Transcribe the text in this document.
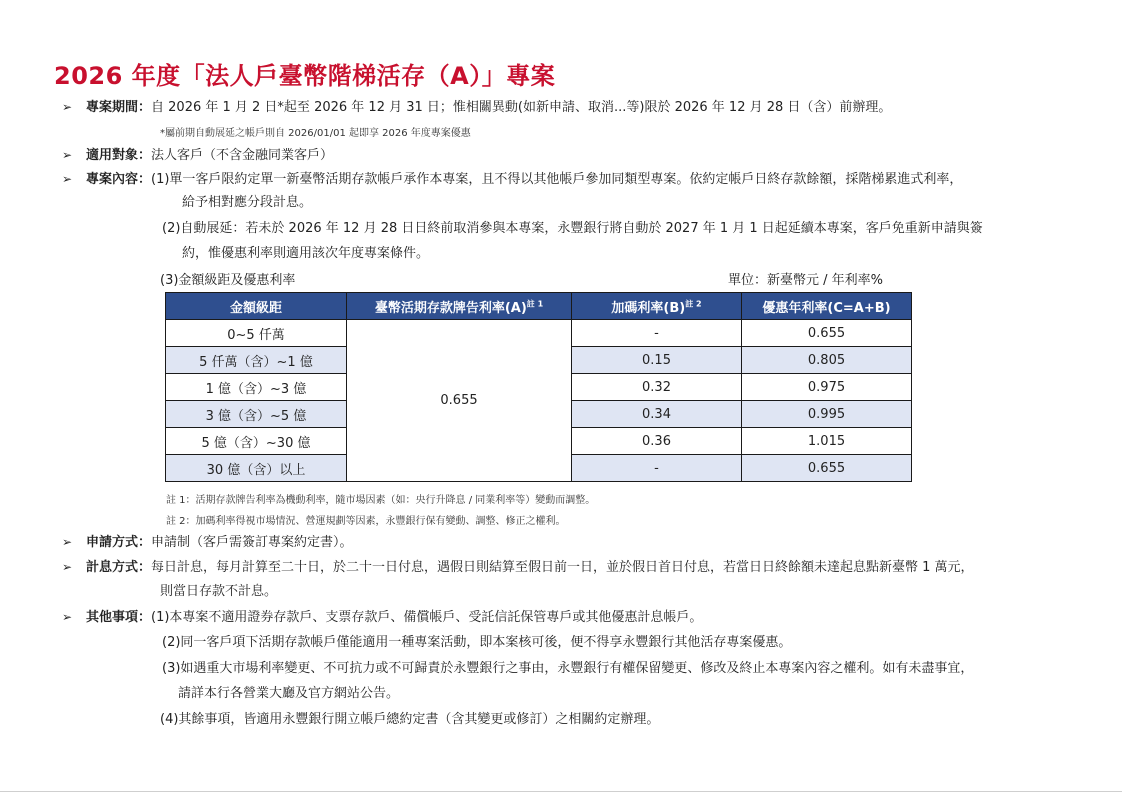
2026 年度「法人戶臺幣階梯活存（A）」專案
➢ 專案期間：自 2026 年 1 月 2 日*起至 2026 年 12 月 31 日；惟相關異動(如新申請、取消...等)限於 2026 年 12 月 28 日（含）前辦理。
*屬前期自動展延之帳戶則自 2026/01/01 起即享 2026 年度專案優惠
➢ 適用對象：法人客戶（不含金融同業客戶）
➢ 專案內容：(1)單一客戶限約定單一新臺幣活期存款帳戶承作本專案，且不得以其他帳戶參加同類型專案。依約定帳戶日終存款餘額，採階梯累進式利率，
給予相對應分段計息。
(2)自動展延：若未於 2026 年 12 月 28 日日終前取消參與本專案，永豐銀行將自動於 2027 年 1 月 1 日起延續本專案，客戶免重新申請與簽
約，惟優惠利率則適用該次年度專案條件。
(3)金額級距及優惠利率	單位：新臺幣元 / 年利率%
金額級距	臺幣活期存款牌告利率$(A)^{註 1}$	加碼利率$(B)^{註 2}$	優惠年利率(C=A+B)
0~5 仟萬	0.655	-	0.655
5 仟萬（含）~1 億		0.15	0.805
1 億（含）~3 億		0.32	0.975
3 億（含）~5 億		0.34	0.995
5 億（含）~30 億		0.36	1.015
30 億（含）以上		-	0.655
註 1：活期存款牌告利率為機動利率，隨市場因素（如：央行升降息 / 同業利率等）變動而調整。
註 2：加碼利率得視市場情況、營運規劃等因素，永豐銀行保有變動、調整、修正之權利。
➢ 申請方式：申請制（客戶需簽訂專案約定書）。
➢ 計息方式：每日計息，每月計算至二十日，於二十一日付息，遇假日則結算至假日前一日，並於假日首日付息，若當日日終餘額未達起息點新臺幣 1 萬元，
則當日存款不計息。
➢ 其他事項：(1)本專案不適用證券存款戶、支票存款戶、備償帳戶、受託信託保管專戶或其他優惠計息帳戶。
(2)同一客戶項下活期存款帳戶僅能適用一種專案活動，即本案核可後，便不得享永豐銀行其他活存專案優惠。
(3)如遇重大市場利率變更、不可抗力或不可歸責於永豐銀行之事由，永豐銀行有權保留變更、修改及終止本專案內容之權利。如有未盡事宜，
請詳本行各營業大廳及官方網站公告。
(4)其餘事項，皆適用永豐銀行開立帳戶總約定書（含其變更或修訂）之相關約定辦理。
